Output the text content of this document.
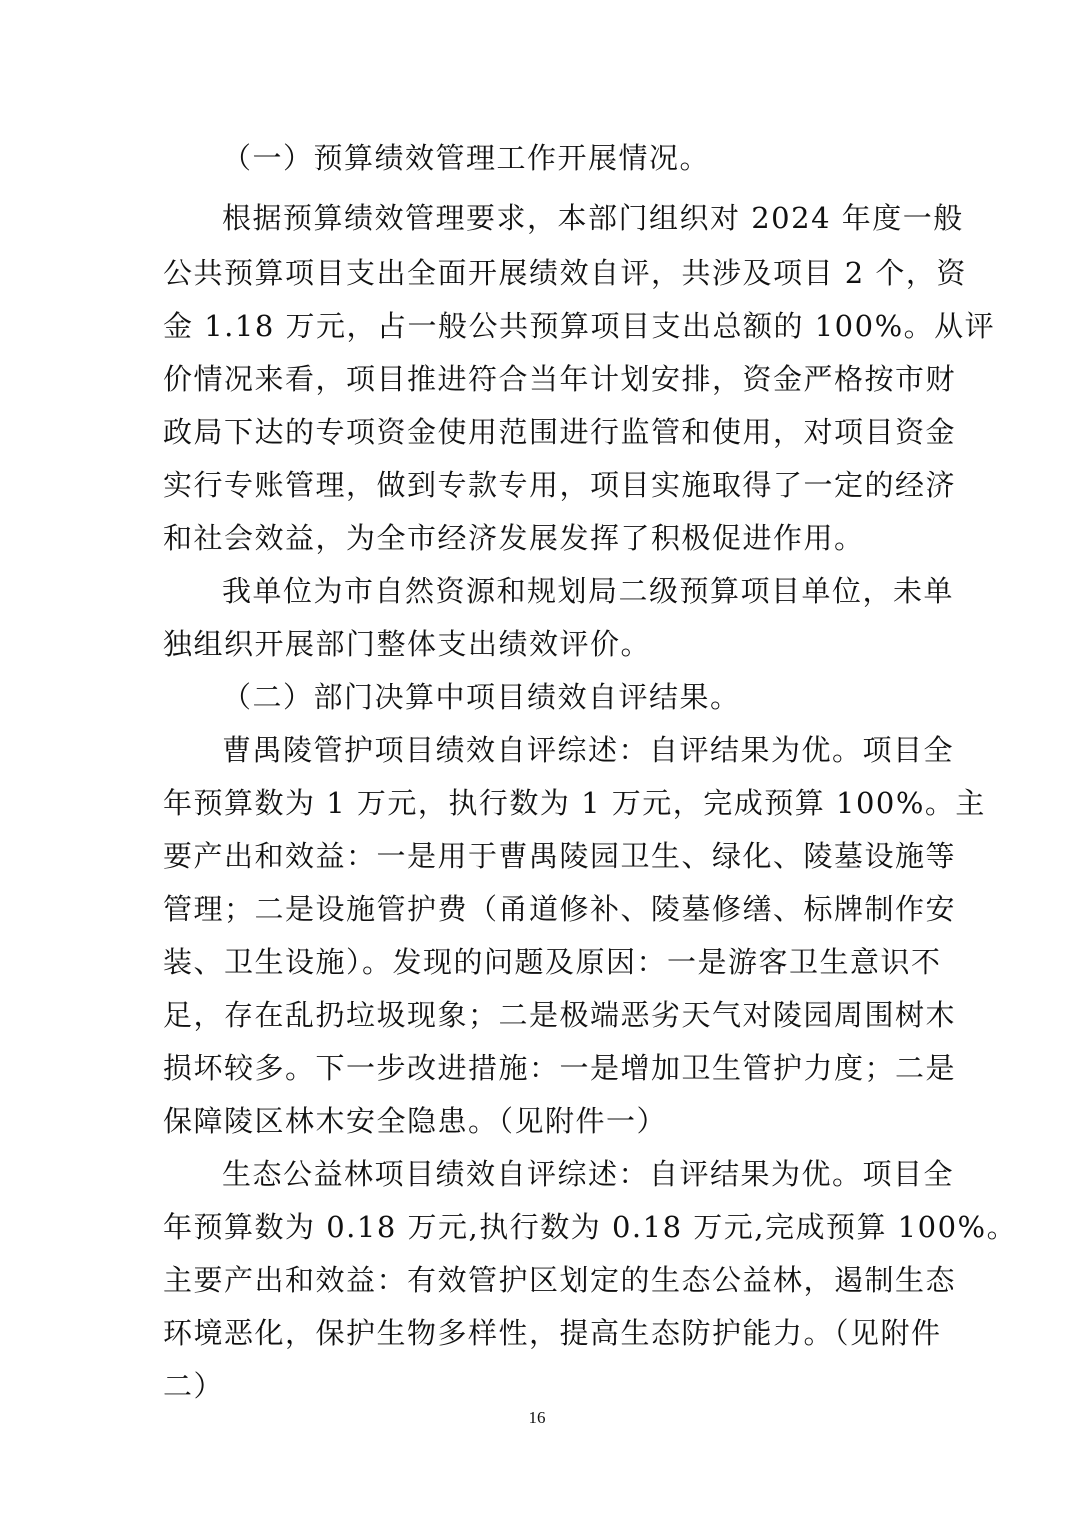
（一）预算绩效管理工作开展情况。
根据预算绩效管理要求，本部门组织对 2024 年度一般
公共预算项目支出全面开展绩效自评，共涉及项目 2 个，资
金 1.18 万元，占一般公共预算项目支出总额的 100%。从评
价情况来看，项目推进符合当年计划安排，资金严格按市财
政局下达的专项资金使用范围进行监管和使用，对项目资金
实行专账管理，做到专款专用，项目实施取得了一定的经济
和社会效益，为全市经济发展发挥了积极促进作用。
我单位为市自然资源和规划局二级预算项目单位，未单
独组织开展部门整体支出绩效评价。
（二）部门决算中项目绩效自评结果。
曹禺陵管护项目绩效自评综述：自评结果为优。项目全
年预算数为 1 万元，执行数为 1 万元，完成预算 100%。主
要产出和效益：一是用于曹禺陵园卫生、绿化、陵墓设施等
管理；二是设施管护费（甬道修补、陵墓修缮、标牌制作安
装、卫生设施）。发现的问题及原因：一是游客卫生意识不
足，存在乱扔垃圾现象；二是极端恶劣天气对陵园周围树木
损坏较多。下一步改进措施：一是增加卫生管护力度；二是
保障陵区林木安全隐患。（见附件一）
生态公益林项目绩效自评综述：自评结果为优。项目全
年预算数为 0.18 万元,执行数为 0.18 万元,完成预算 100%。
主要产出和效益：有效管护区划定的生态公益林，遏制生态
环境恶化，保护生物多样性，提高生态防护能力。（见附件
二）
16
